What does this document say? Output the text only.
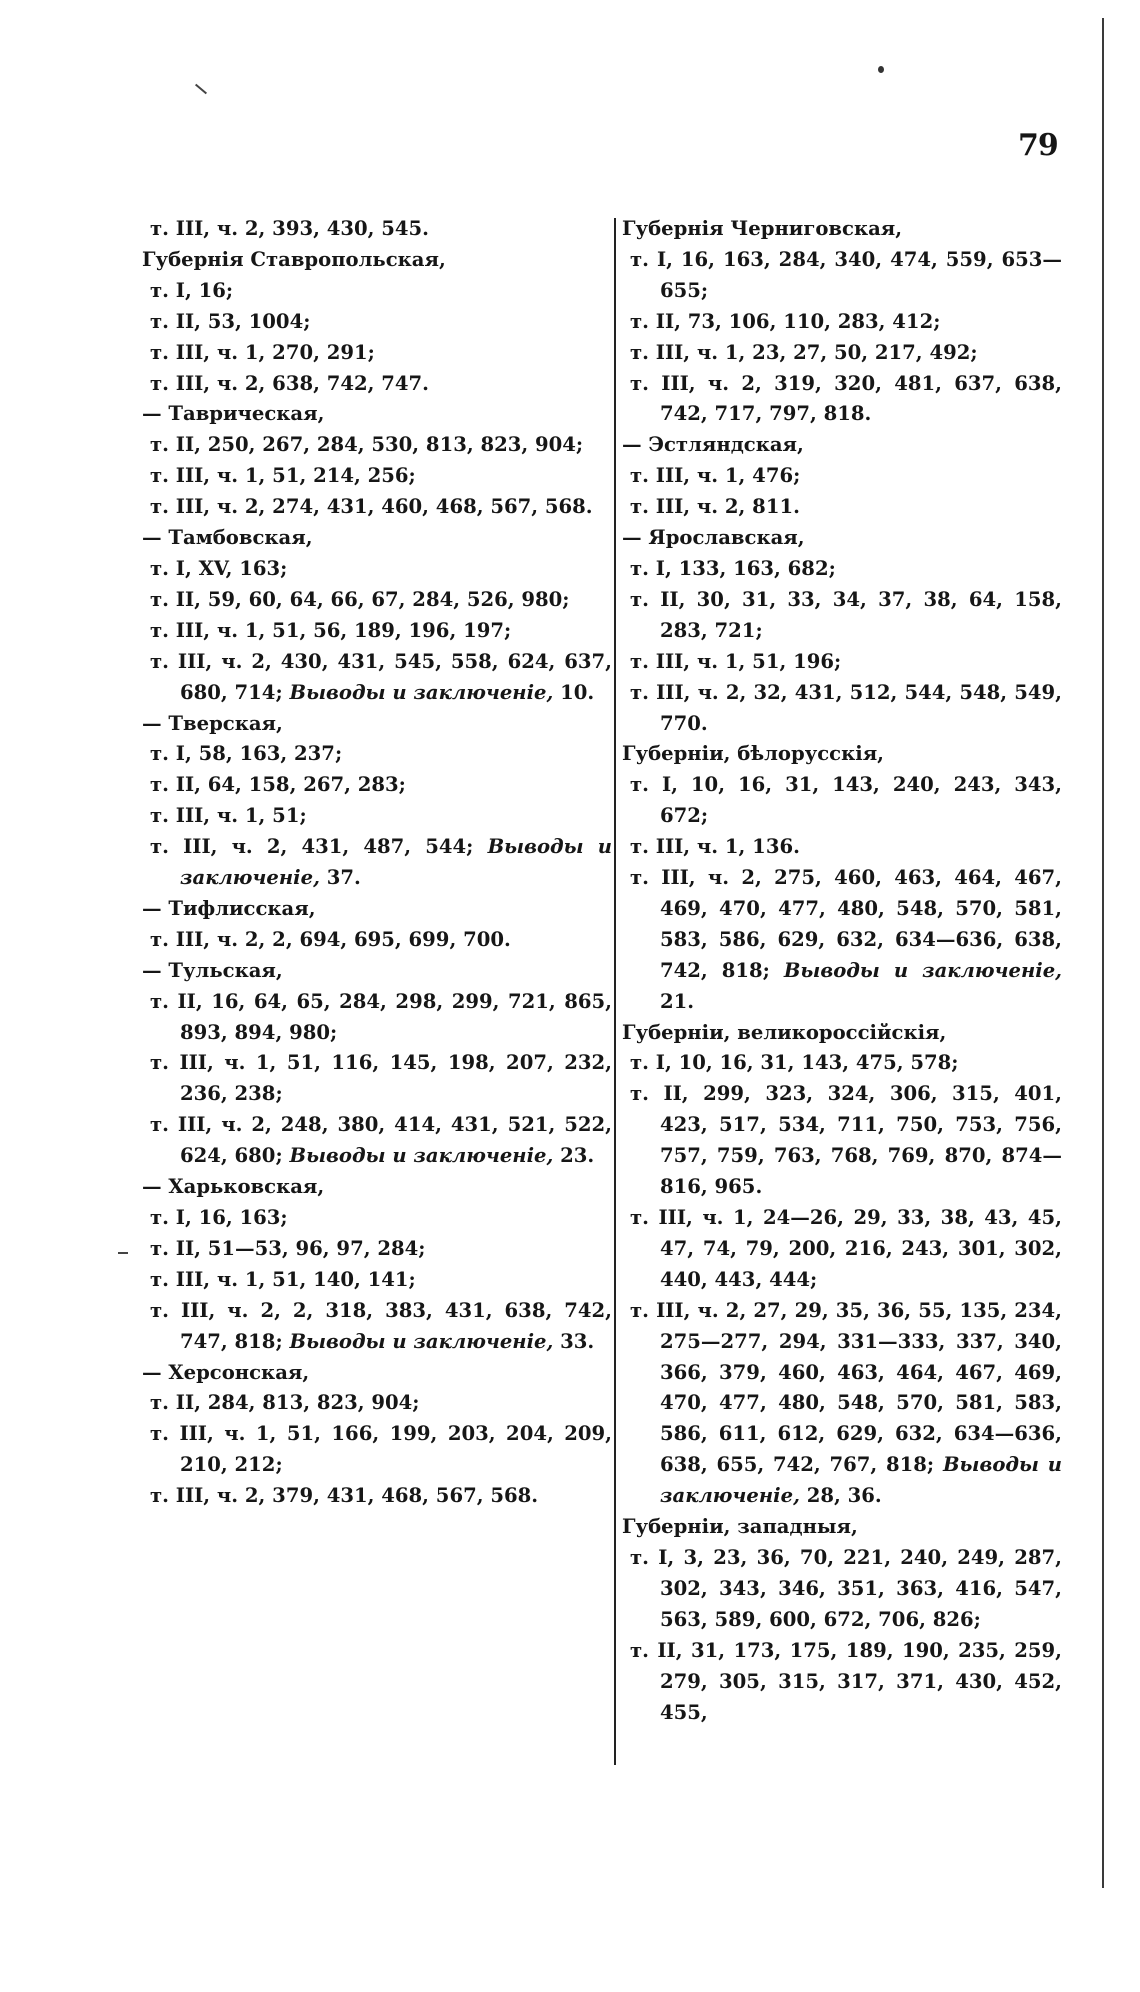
79

т. III, ч. 2, 393, 430, 545.

Губернія Ставропольская,

т. I, 16;

т. II, 53, 1004;

т. III, ч. 1, 270, 291;

т. III, ч. 2, 638, 742, 747.

— Таврическая,

т. II, 250, 267, 284, 530, 813, 823, 904;

т. III, ч. 1, 51, 214, 256;

т. III, ч. 2, 274, 431, 460, 468, 567, 568.

— Тамбовская,

т. I, XV, 163;

т. II, 59, 60, 64, 66, 67, 284, 526, 980;

т. III, ч. 1, 51, 56, 189, 196, 197;

т. III, ч. 2, 430, 431, 545, 558, 624, 637, 680, 714; Выводы и заключеніе, 10.

— Тверская,

т. I, 58, 163, 237;

т. II, 64, 158, 267, 283;

т. III, ч. 1, 51;

т. III, ч. 2, 431, 487, 544; Выводы и заключеніе, 37.

— Тифлисская,

т. III, ч. 2, 2, 694, 695, 699, 700.

— Тульская,

т. II, 16, 64, 65, 284, 298, 299, 721, 865, 893, 894, 980;

т. III, ч. 1, 51, 116, 145, 198, 207, 232, 236, 238;

т. III, ч. 2, 248, 380, 414, 431, 521, 522, 624, 680; Выводы и заключеніе, 23.

— Харьковская,

т. I, 16, 163;

т. II, 51—53, 96, 97, 284;

т. III, ч. 1, 51, 140, 141;

т. III, ч. 2, 2, 318, 383, 431, 638, 742, 747, 818; Выводы и заключеніе, 33.

— Херсонская,

т. II, 284, 813, 823, 904;

т. III, ч. 1, 51, 166, 199, 203, 204, 209, 210, 212;

т. III, ч. 2, 379, 431, 468, 567, 568.

Губернія Черниговская,

т. I, 16, 163, 284, 340, 474, 559, 653—655;

т. II, 73, 106, 110, 283, 412;

т. III, ч. 1, 23, 27, 50, 217, 492;

т. III, ч. 2, 319, 320, 481, 637, 638, 742, 717, 797, 818.

— Эстляндская,

т. III, ч. 1, 476;

т. III, ч. 2, 811.

— Ярославская,

т. I, 133, 163, 682;

т. II, 30, 31, 33, 34, 37, 38, 64, 158, 283, 721;

т. III, ч. 1, 51, 196;

т. III, ч. 2, 32, 431, 512, 544, 548, 549, 770.

Губерніи, бѣлорусскія,

т. I, 10, 16, 31, 143, 240, 243, 343, 672;

т. III, ч. 1, 136.

т. III, ч. 2, 275, 460, 463, 464, 467, 469, 470, 477, 480, 548, 570, 581, 583, 586, 629, 632, 634—636, 638, 742, 818; Выводы и заключеніе, 21.

Губерніи, великороссійскія,

т. I, 10, 16, 31, 143, 475, 578;

т. II, 299, 323, 324, 306, 315, 401, 423, 517, 534, 711, 750, 753, 756, 757, 759, 763, 768, 769, 870, 874—816, 965.

т. III, ч. 1, 24—26, 29, 33, 38, 43, 45, 47, 74, 79, 200, 216, 243, 301, 302, 440, 443, 444;

т. III, ч. 2, 27, 29, 35, 36, 55, 135, 234, 275—277, 294, 331—333, 337, 340, 366, 379, 460, 463, 464, 467, 469, 470, 477, 480, 548, 570, 581, 583, 586, 611, 612, 629, 632, 634—636, 638, 655, 742, 767, 818; Выводы и заключеніе, 28, 36.

Губерніи, западныя,

т. I, 3, 23, 36, 70, 221, 240, 249, 287, 302, 343, 346, 351, 363, 416, 547, 563, 589, 600, 672, 706, 826;

т. II, 31, 173, 175, 189, 190, 235, 259, 279, 305, 315, 317, 371, 430, 452, 455,
